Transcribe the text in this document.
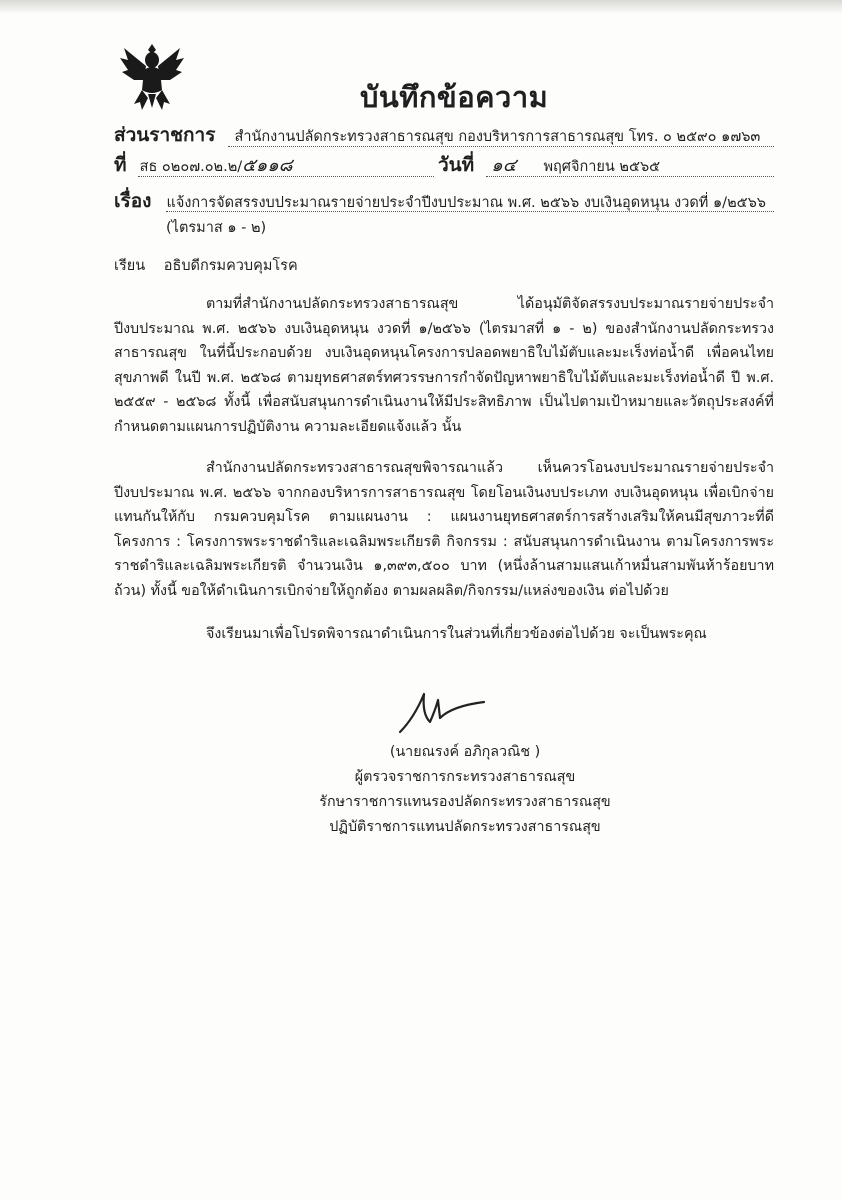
บันทึกข้อความ
ส่วนราชการ สำนักงานปลัดกระทรวงสาธารณสุข กองบริหารการสาธารณสุข โทร. ๐ ๒๕๙๐ ๑๗๖๓
ที่ สธ ๐๒๐๗.๐๒.๒/๕๑๑๘	วันที่ ๑๔ พฤศจิกายน ๒๕๖๕
เรื่อง แจ้งการจัดสรรงบประมาณรายจ่ายประจำปีงบประมาณ พ.ศ. ๒๕๖๖ งบเงินอุดหนุน งวดที่ ๑/๒๕๖๖
(ไตรมาส ๑ - ๒)
เรียน อธิบดีกรมควบคุมโรค
ตามที่สำนักงานปลัดกระทรวงสาธารณสุข ได้อนุมัติจัดสรรงบประมาณรายจ่ายประจำปีงบประมาณ พ.ศ. ๒๕๖๖ งบเงินอุดหนุน งวดที่ ๑/๒๕๖๖ (ไตรมาสที่ ๑ - ๒) ของสำนักงานปลัดกระทรวงสาธารณสุข ในที่นี้ประกอบด้วย งบเงินอุดหนุนโครงการปลอดพยาธิใบไม้ตับและมะเร็งท่อน้ำดี เพื่อคนไทยสุขภาพดี ในปี พ.ศ. ๒๕๖๘ ตามยุทธศาสตร์ทศวรรษการกำจัดปัญหาพยาธิใบไม้ตับและมะเร็งท่อน้ำดี ปี พ.ศ. ๒๕๕๙ - ๒๕๖๘ ทั้งนี้ เพื่อสนับสนุนการดำเนินงานให้มีประสิทธิภาพ เป็นไปตามเป้าหมายและวัตถุประสงค์ที่กำหนดตามแผนการปฏิบัติงาน ความละเอียดแจ้งแล้ว นั้น
สำนักงานปลัดกระทรวงสาธารณสุขพิจารณาแล้ว เห็นควรโอนงบประมาณรายจ่ายประจำปีงบประมาณ พ.ศ. ๒๕๖๖ จากกองบริหารการสาธารณสุข โดยโอนเงินงบประเภท งบเงินอุดหนุน เพื่อเบิกจ่ายแทนกันให้กับ กรมควบคุมโรค ตามแผนงาน : แผนงานยุทธศาสตร์การสร้างเสริมให้คนมีสุขภาวะที่ดี โครงการ : โครงการพระราชดำริและเฉลิมพระเกียรติ กิจกรรม : สนับสนุนการดำเนินงาน ตามโครงการพระราชดำริและเฉลิมพระเกียรติ จำนวนเงิน ๑,๓๙๓,๕๐๐ บาท (หนึ่งล้านสามแสนเก้าหมื่นสามพันห้าร้อยบาทถ้วน) ทั้งนี้ ขอให้ดำเนินการเบิกจ่ายให้ถูกต้อง ตามผลผลิต/กิจกรรม/แหล่งของเงิน ต่อไปด้วย
จึงเรียนมาเพื่อโปรดพิจารณาดำเนินการในส่วนที่เกี่ยวข้องต่อไปด้วย จะเป็นพระคุณ
(นายณรงค์ อภิกุลวณิช )
ผู้ตรวจราชการกระทรวงสาธารณสุข
รักษาราชการแทนรองปลัดกระทรวงสาธารณสุข
ปฏิบัติราชการแทนปลัดกระทรวงสาธารณสุข
